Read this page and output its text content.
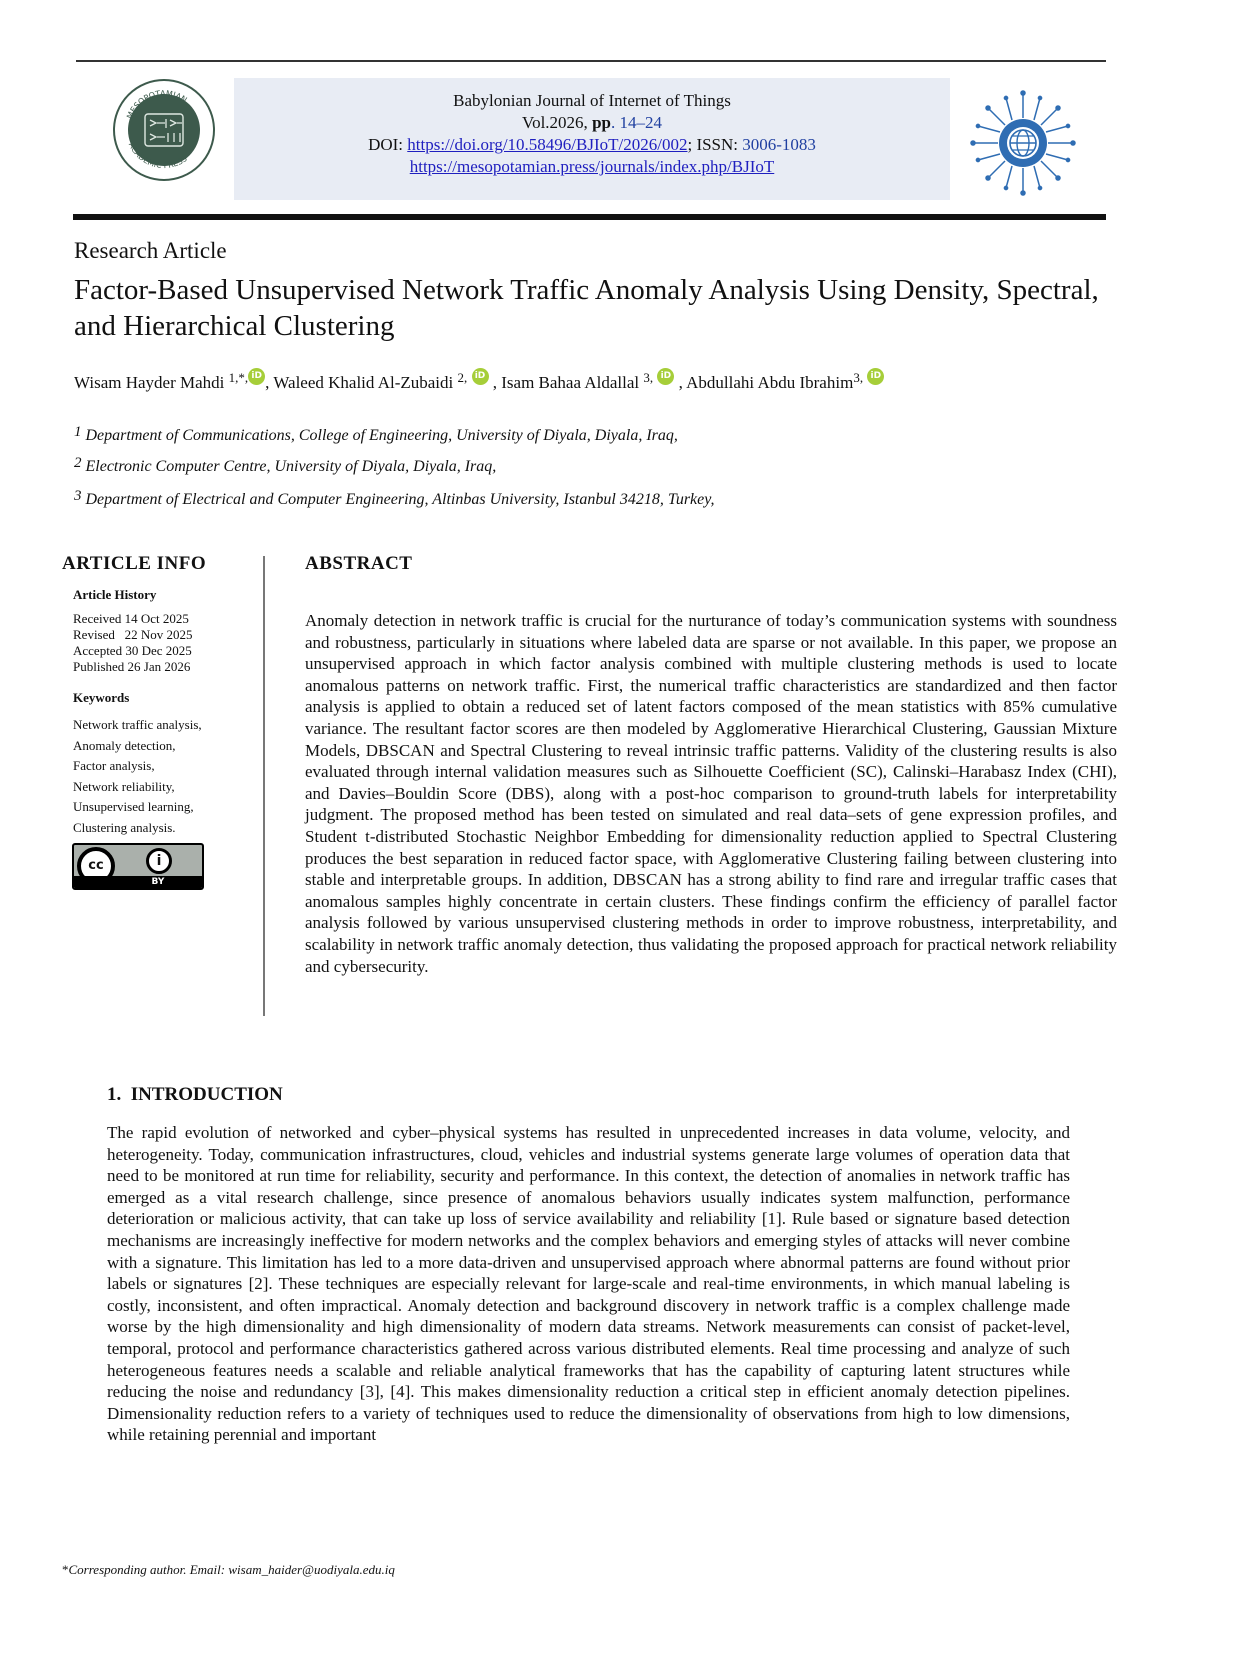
MESOPOTAMIAN
ACADEMIC PRESS
Babylonian Journal of Internet of Things
Vol.2026, pp. 14–24
DOI: https://doi.org/10.58496/BJIoT/2026/002; ISSN: 3006-1083
https://mesopotamian.press/journals/index.php/BJIoT
Research Article
Factor-Based Unsupervised Network Traffic Anomaly Analysis Using Density, Spectral, and Hierarchical Clustering
Wisam Hayder Mahdi $^{1,*,}$ iD , Waleed Khalid Al-Zubaidi $^{2,}$ iD , Isam Bahaa Aldallal $^{3,}$ iD , Abdullahi Abdu Ibrahim$^{3,}$ iD
$^1$ Department of Communications, College of Engineering, University of Diyala, Diyala, Iraq,
$^2$ Electronic Computer Centre, University of Diyala, Diyala, Iraq,
$^3$ Department of Electrical and Computer Engineering, Altinbas University, Istanbul 34218, Turkey,
ARTICLE INFO
Article History
Received 14 Oct 2025
Revised   22 Nov 2025
Accepted 30 Dec 2025
Published 26 Jan 2026
Keywords
Network traffic analysis,
Anomaly detection,
Factor analysis,
Network reliability,
Unsupervised learning,
Clustering analysis.
cc	i
BY
ABSTRACT
Anomaly detection in network traffic is crucial for the nurturance of today’s communication systems with soundness and robustness, particularly in situations where labeled data are sparse or not available. In this paper, we propose an unsupervised approach in which factor analysis combined with multiple clustering methods is used to locate anomalous patterns on network traffic. First, the numerical traffic characteristics are standardized and then factor analysis is applied to obtain a reduced set of latent factors composed of the mean statistics with 85% cumulative variance. The resultant factor scores are then modeled by Agglomerative Hierarchical Clustering, Gaussian Mixture Models, DBSCAN and Spectral Clustering to reveal intrinsic traffic patterns. Validity of the clustering results is also evaluated through internal validation measures such as Silhouette Coefficient (SC), Calinski–Harabasz Index (CHI), and Davies–Bouldin Score (DBS), along with a post-hoc comparison to ground-truth labels for interpretability judgment. The proposed method has been tested on simulated and real data–sets of gene expression profiles, and Student t-distributed Stochastic Neighbor Embedding for dimensionality reduction applied to Spectral Clustering produces the best separation in reduced factor space, with Agglomerative Clustering failing between clustering into stable and interpretable groups. In addition, DBSCAN has a strong ability to find rare and irregular traffic cases that anomalous samples highly concentrate in certain clusters. These findings confirm the efficiency of parallel factor analysis followed by various unsupervised clustering methods in order to improve robustness, interpretability, and scalability in network traffic anomaly detection, thus validating the proposed approach for practical network reliability and cybersecurity.
1.  INTRODUCTION
The rapid evolution of networked and cyber–physical systems has resulted in unprecedented increases in data volume, velocity, and heterogeneity. Today, communication infrastructures, cloud, vehicles and industrial systems generate large volumes of operation data that need to be monitored at run time for reliability, security and performance. In this context, the detection of anomalies in network traffic has emerged as a vital research challenge, since presence of anomalous behaviors usually indicates system malfunction, performance deterioration or malicious activity, that can take up loss of service availability and reliability [1]. Rule based or signature based detection mechanisms are increasingly ineffective for modern networks and the complex behaviors and emerging styles of attacks will never combine with a signature. This limitation has led to a more data-driven and unsupervised approach where abnormal patterns are found without prior labels or signatures [2]. These techniques are especially relevant for large-scale and real-time environments, in which manual labeling is costly, inconsistent, and often impractical. Anomaly detection and background discovery in network traffic is a complex challenge made worse by the high dimensionality and high dimensionality of modern data streams. Network measurements can consist of packet-level, temporal, protocol and performance characteristics gathered across various distributed elements. Real time processing and analyze of such heterogeneous features needs a scalable and reliable analytical frameworks that has the capability of capturing latent structures while reducing the noise and redundancy [3], [4]. This makes dimensionality reduction a critical step in efficient anomaly detection pipelines. Dimensionality reduction refers to a variety of techniques used to reduce the dimensionality of observations from high to low dimensions, while retaining perennial and important
*Corresponding author. Email: wisam_haider@uodiyala.edu.iq
